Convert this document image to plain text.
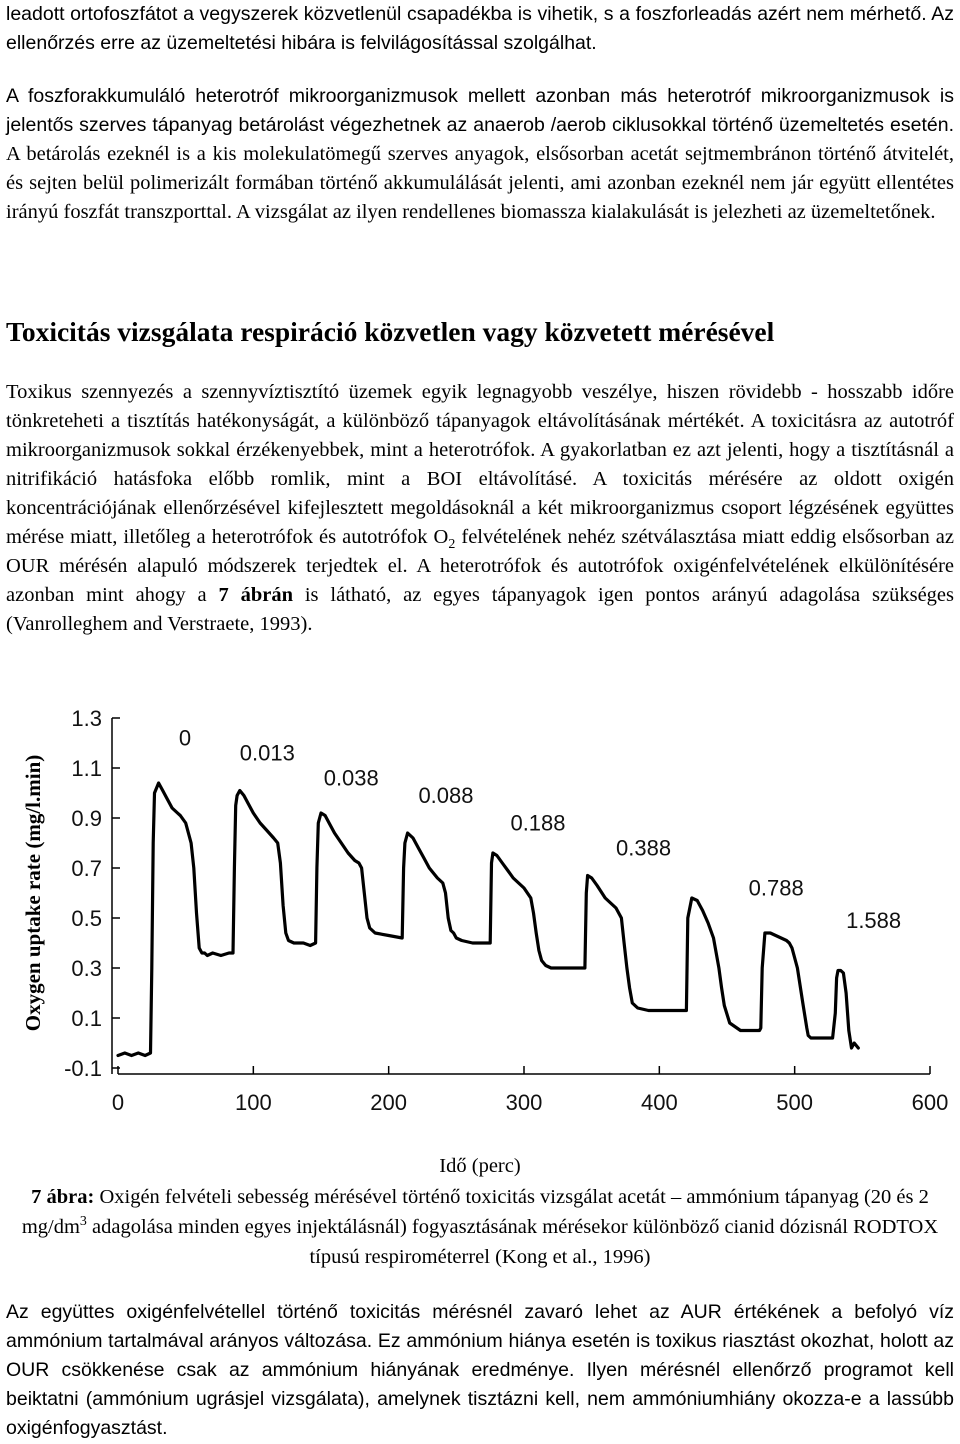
leadott ortofoszfátot a vegyszerek közvetlenül csapadékba is vihetik, s a foszforleadás azért nem mérhető. Az ellenőrzés erre az üzemeltetési hibára is felvilágosítással szolgálhat.

A foszforakkumuláló heterotróf mikroorganizmusok mellett azonban más heterotróf mikroorganizmusok is jelentős szerves tápanyag betárolást végezhetnek az anaerob /aerob ciklusokkal történő üzemeltetés esetén. A betárolás ezeknél is a kis molekulatömegű szerves anyagok, elsősorban acetát sejtmembránon történő átvitelét, és sejten belül polimerizált formában történő akkumulálását jelenti, ami azonban ezeknél nem jár együtt ellentétes irányú foszfát transzporttal. A vizsgálat az ilyen rendellenes biomassza kialakulását is jelezheti az üzemeltetőnek.

Toxicitás vizsgálata respiráció közvetlen vagy közvetett mérésével

Toxikus szennyezés a szennyvíztisztító üzemek egyik legnagyobb veszélye, hiszen rövidebb - hosszabb időre tönkreteheti a tisztítás hatékonyságát, a különböző tápanyagok eltávolításának mértékét. A toxicitásra az autotróf mikroorganizmusok sokkal érzékenyebbek, mint a heterotrófok. A gyakorlatban ez azt jelenti, hogy a tisztításnál a nitrifikáció hatásfoka előbb romlik, mint a BOI eltávolításé. A toxicitás mérésére az oldott oxigén koncentrációjának ellenőrzésével kifejlesztett megoldásoknál a két mikroorganizmus csoport légzésének együttes mérése miatt, illetőleg a heterotrófok és autotrófok $O_2$ felvételének nehéz szétválasztása miatt eddig elsősorban az OUR mérésén alapuló módszerek terjedtek el. A heterotrófok és autotrófok oxigénfelvételének elkülönítésére azonban mint ahogy a 7 ábrán is látható, az egyes tápanyagok igen pontos arányú adagolása szükséges (Vanrolleghem and Verstraete, 1993).

-0.1
0.1
0.3
0.5
0.7
0.9
1.1
1.3
0	100	200	300	400	500	600
Oxygen uptake rate (mg/l.min)
0
0.013
0.038
0.088
0.188
0.388
0.788
1.588

Idő (perc)

7 ábra: Oxigén felvételi sebesség mérésével történő toxicitás vizsgálat acetát – ammónium tápanyag (20 és 2 $mg/dm^3$ adagolása minden egyes injektálásnál) fogyasztásának mérésekor különböző cianid dózisnál RODTOX típusú respirométerrel (Kong et al., 1996)

Az együttes oxigénfelvétellel történő toxicitás mérésnél zavaró lehet az AUR értékének a befolyó víz ammónium tartalmával arányos változása. Ez ammónium hiánya esetén is toxikus riasztást okozhat, holott az OUR csökkenése csak az ammónium hiányának eredménye. Ilyen mérésnél ellenőrző programot kell beiktatni (ammónium ugrásjel vizsgálata), amelynek tisztázni kell, nem ammóniumhiány okozza-e a lassúbb oxigénfogyasztást.
